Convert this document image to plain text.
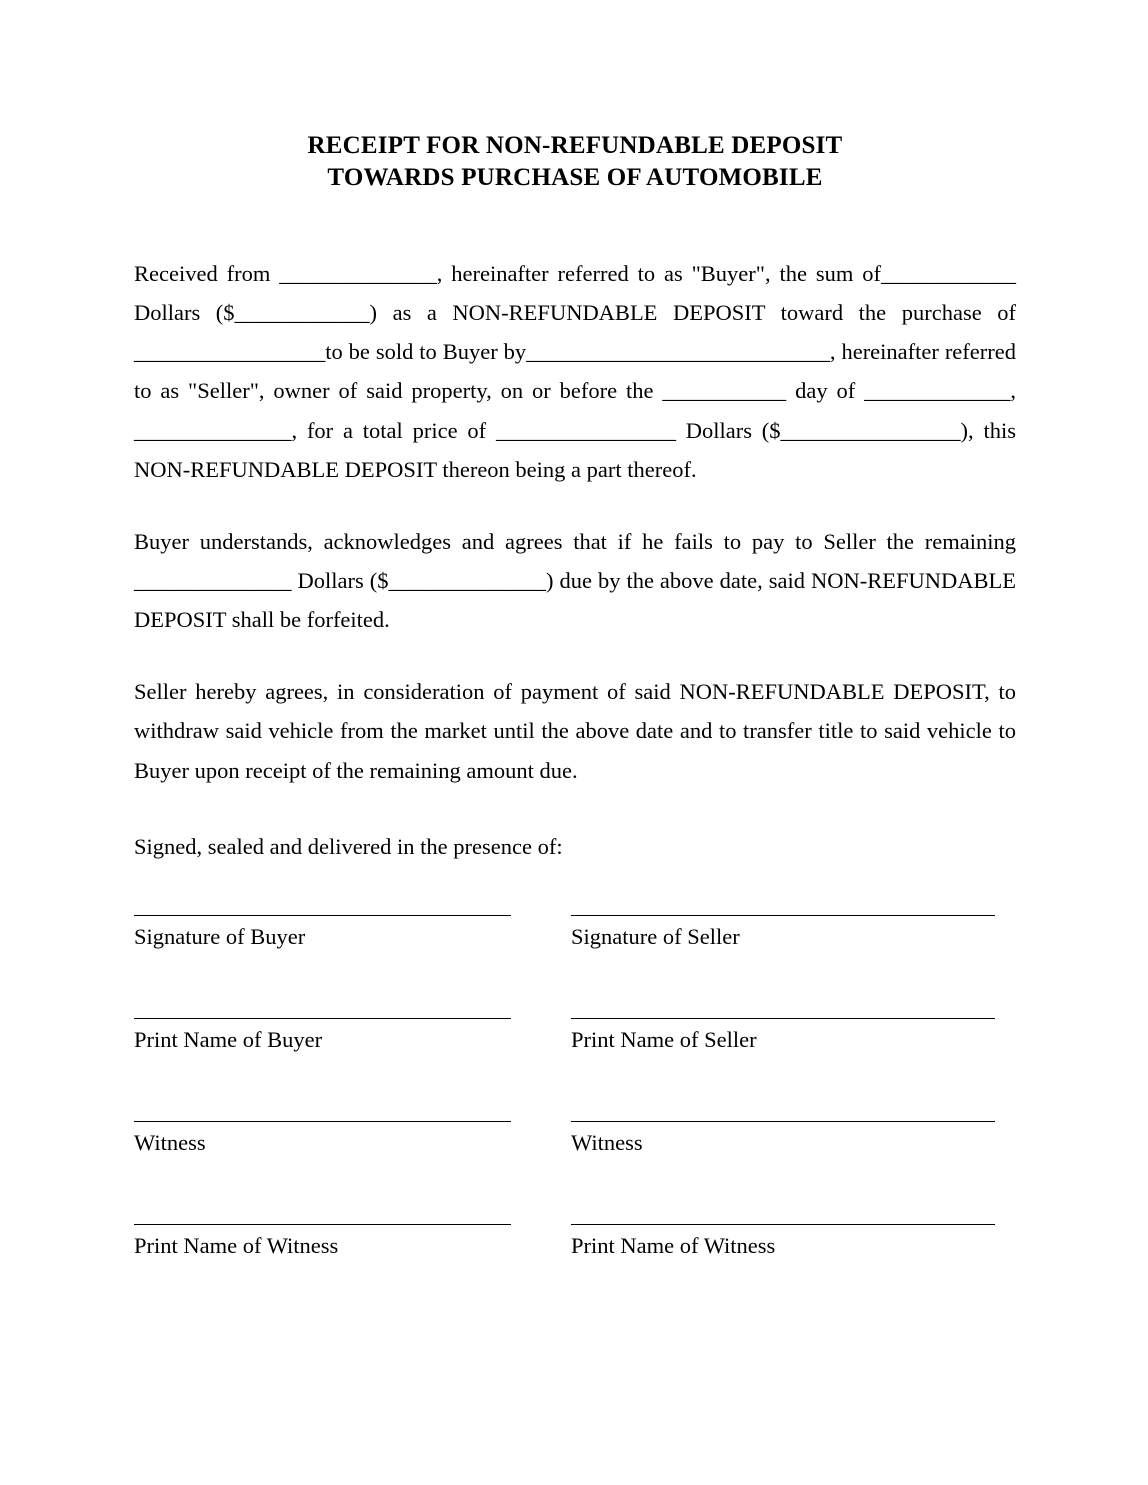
RECEIPT FOR NON-REFUNDABLE DEPOSIT
TOWARDS PURCHASE OF AUTOMOBILE

Received from ______________, hereinafter referred to as "Buyer", the sum of____________ Dollars ($____________) as a NON-REFUNDABLE DEPOSIT toward the purchase of _________________to be sold to Buyer by___________________________, hereinafter referred to as "Seller", owner of said property, on or before the ___________ day of _____________, ______________, for a total price of ________________ Dollars ($________________), this NON-REFUNDABLE DEPOSIT thereon being a part thereof.

Buyer understands, acknowledges and agrees that if he fails to pay to Seller the remaining ______________ Dollars ($______________) due by the above date, said NON-REFUNDABLE DEPOSIT shall be forfeited.

Seller hereby agrees, in consideration of payment of said NON-REFUNDABLE DEPOSIT, to withdraw said vehicle from the market until the above date and to transfer title to said vehicle to Buyer upon receipt of the remaining amount due.

Signed, sealed and delivered in the presence of:
Signature of Buyer	Signature of Seller
Print Name of Buyer	Print Name of Seller
Witness	Witness
Print Name of Witness	Print Name of Witness
